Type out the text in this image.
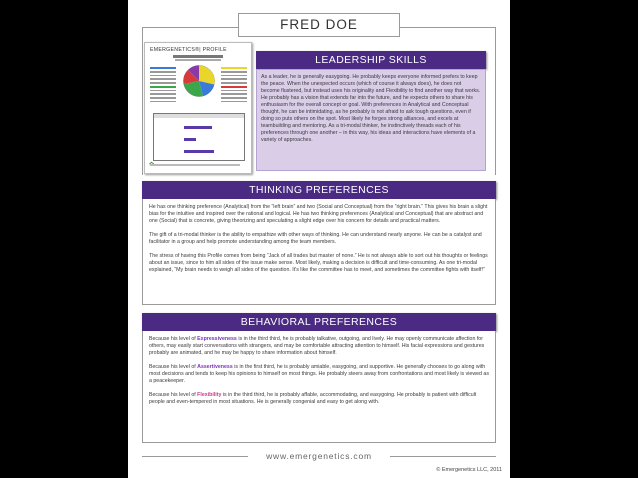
FRED DOE
EMERGENETICS®| PROFILE
LEADERSHIP SKILLS

As a leader, he is generally easygoing. He probably keeps everyone informed prefers to keep the peace. When the unexpected occurs (which of course it always does), he does not become flustered, but instead uses his originality and Flexibility to find another way that works. He probably has a vision that extends far into the future, and he expects others to share his enthusiasm for the overall concept or goal. With preferences in Analytical and Conceptual thought, he can be intimidating, as he probably is not afraid to ask tough questions, even if doing so puts others on the spot. Most likely he forges strong alliances, and excels at teambuilding and mentoring. As a tri-modal thinker, he instinctively threads each of his preferences through one another – in this way, his ideas and interactions have elements of a variety of approaches.

THINKING PREFERENCES

He has one thinking preference (Analytical) from the “left brain” and two (Social and Conceptual) from the “right brain.” This gives his brain a slight bias for the intuitive and inspired over the rational and logical. He has two thinking preferences (Analytical and Conceptual) that are abstract and one (Social) that is concrete, giving theorizing and speculating a slight edge over his concern for details and practical matters.

The gift of a tri-modal thinker is the ability to empathize with other ways of thinking. He can understand nearly anyone. He can be a catalyst and facilitator in a group and help promote understanding among the team members.

The stress of having this Profile comes from being “Jack of all trades but master of none.” He is not always able to sort out his thoughts or feelings about an issue, since to him all sides of the issue make sense. Most likely, making a decision is difficult and time-consuming. As one tri-modal explained, “My brain needs to weigh all sides of the question. It's like the committee has to meet, and sometimes the committee fights with itself!”

BEHAVIORAL PREFERENCES

Because his level of Expressiveness is in the third third, he is probably talkative, outgoing, and lively. He may openly communicate affection for others, may easily start conversations with strangers, and may be comfortable attracting attention to himself. His facial expressions and gestures probably are animated, and he may be happy to share information about himself.

Because his level of Assertiveness is in the first third, he is probably amiable, easygoing, and supportive. He generally chooses to go along with most decisions and tends to keep his opinions to himself on most things. He probably steers away from confrontations and most likely is viewed as a peacekeeper.

Because his level of Flexibility is in the third third, he is probably affable, accommodating, and easygoing. He probably is patient with difficult people and even-tempered in most situations. He is generally congenial and easy to get along with.

www.emergenetics.com
© Emergenetics LLC, 2011
